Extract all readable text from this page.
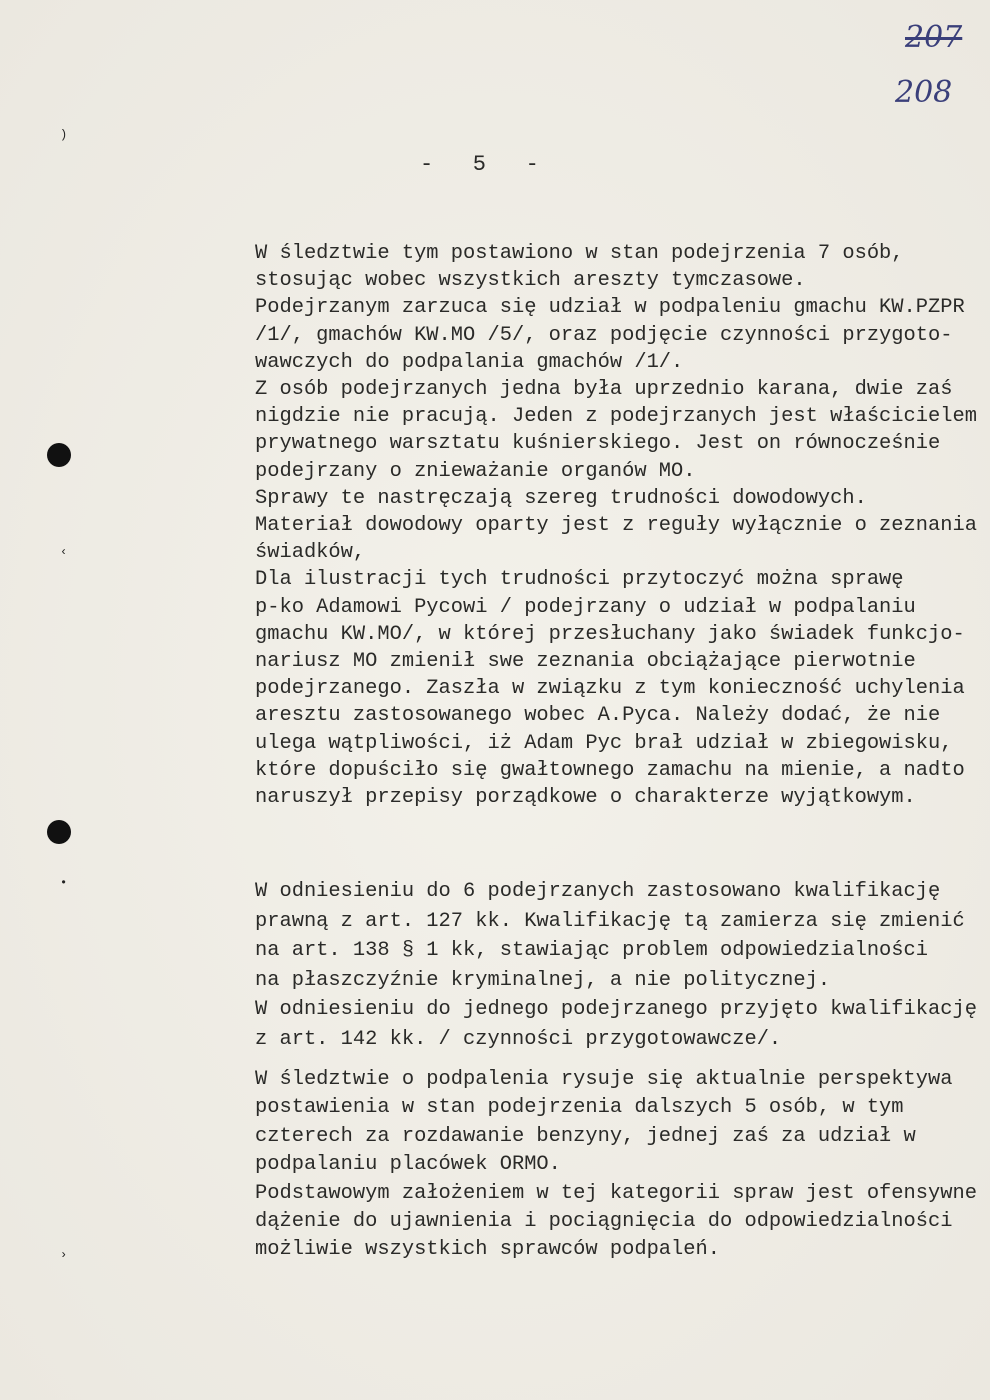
207
208
-   5   -
)
‹
•
›
W śledztwie tym postawiono w stan podejrzenia 7 osób,
stosując wobec wszystkich areszty tymczasowe.
Podejrzanym zarzuca się udział w podpaleniu gmachu KW.PZPR
/1/, gmachów KW.MO /5/, oraz podjęcie czynności przygoto-
wawczych do podpalania gmachów /1/.
Z osób podejrzanych jedna była uprzednio karana, dwie zaś
nigdzie nie pracują. Jeden z podejrzanych jest właścicielem
prywatnego warsztatu kuśnierskiego. Jest on równocześnie
podejrzany o znieważanie organów MO.
Sprawy te nastręczają szereg trudności dowodowych.
Materiał dowodowy oparty jest z reguły wyłącznie o zeznania
świadków,
Dla ilustracji tych trudności przytoczyć można sprawę
p-ko Adamowi Pycowi / podejrzany o udział w podpalaniu
gmachu KW.MO/, w której przesłuchany jako świadek funkcjo-
nariusz MO zmienił swe zeznania obciążające pierwotnie
podejrzanego. Zaszła w związku z tym konieczność uchylenia
aresztu zastosowanego wobec A.Pyca. Należy dodać, że nie
ulega wątpliwości, iż Adam Pyc brał udział w zbiegowisku,
które dopuściło się gwałtownego zamachu na mienie, a nadto
naruszył przepisy porządkowe o charakterze wyjątkowym.
W odniesieniu do 6 podejrzanych zastosowano kwalifikację
prawną z art. 127 kk. Kwalifikację tą zamierza się zmienić
na art. 138 § 1 kk, stawiając problem odpowiedzialności
na płaszczyźnie kryminalnej, a nie politycznej.
W odniesieniu do jednego podejrzanego przyjęto kwalifikację
z art. 142 kk. / czynności przygotowawcze/.
W śledztwie o podpalenia rysuje się aktualnie perspektywa
postawienia w stan podejrzenia dalszych 5 osób, w tym
czterech za rozdawanie benzyny, jednej zaś za udział w
podpalaniu placówek ORMO.
Podstawowym założeniem w tej kategorii spraw jest ofensywne
dążenie do ujawnienia i pociągnięcia do odpowiedzialności
możliwie wszystkich sprawców podpaleń.
